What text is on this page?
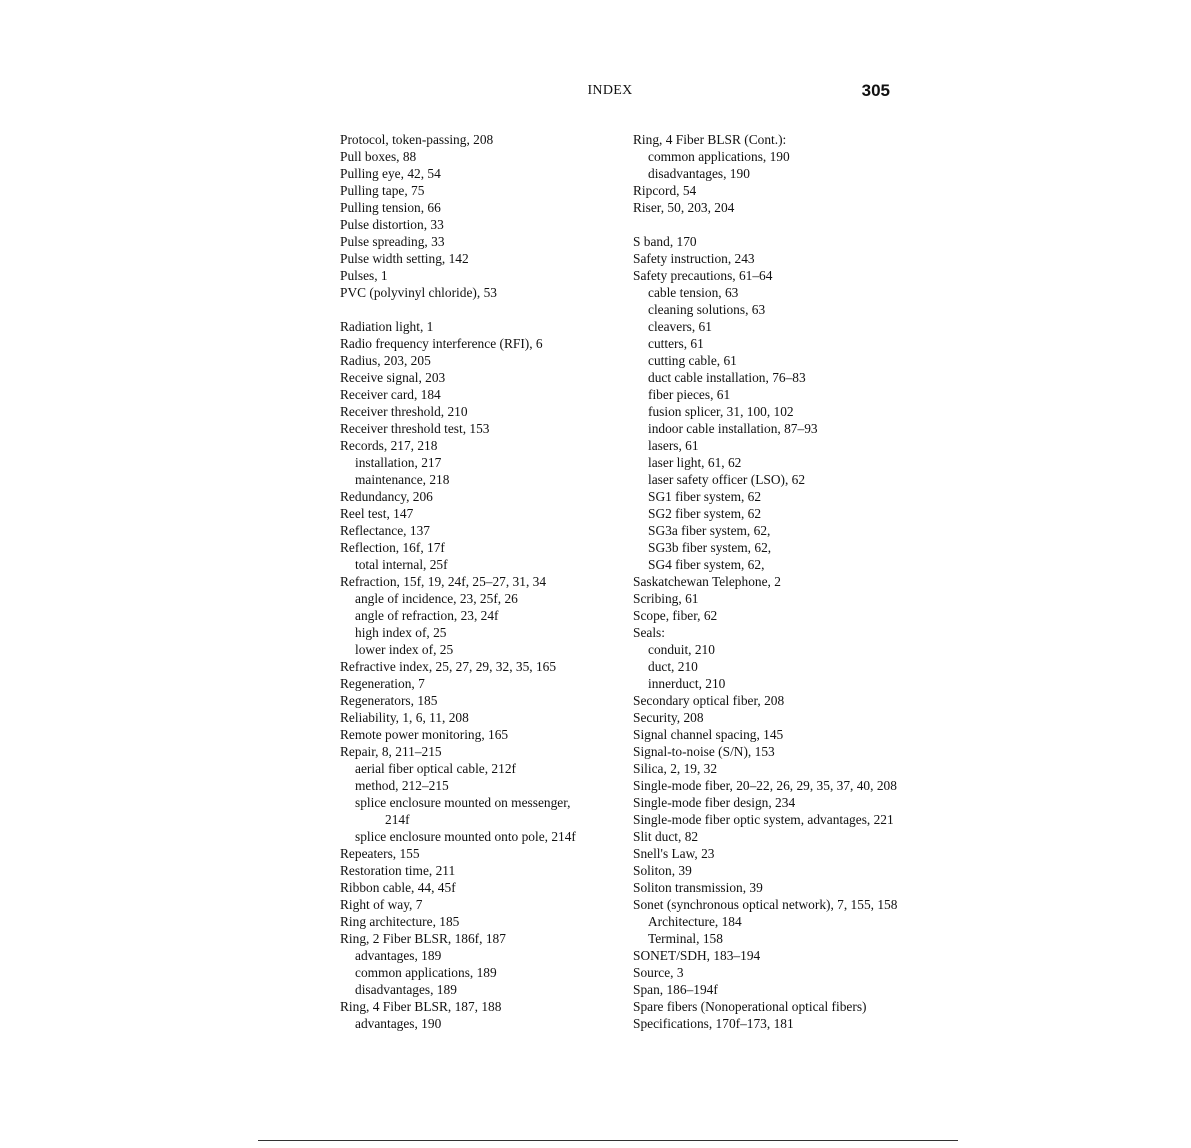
INDEX	305
Protocol, token-passing, 208
Pull boxes, 88
Pulling eye, 42, 54
Pulling tape, 75
Pulling tension, 66
Pulse distortion, 33
Pulse spreading, 33
Pulse width setting, 142
Pulses, 1
PVC (polyvinyl chloride), 53
Radiation light, 1
Radio frequency interference (RFI), 6
Radius, 203, 205
Receive signal, 203
Receiver card, 184
Receiver threshold, 210
Receiver threshold test, 153
Records, 217, 218
installation, 217
maintenance, 218
Redundancy, 206
Reel test, 147
Reflectance, 137
Reflection, 16f, 17f
total internal, 25f
Refraction, 15f, 19, 24f, 25–27, 31, 34
angle of incidence, 23, 25f, 26
angle of refraction, 23, 24f
high index of, 25
lower index of, 25
Refractive index, 25, 27, 29, 32, 35, 165
Regeneration, 7
Regenerators, 185
Reliability, 1, 6, 11, 208
Remote power monitoring, 165
Repair, 8, 211–215
aerial fiber optical cable, 212f
method, 212–215
splice enclosure mounted on messenger,
214f
splice enclosure mounted onto pole, 214f
Repeaters, 155
Restoration time, 211
Ribbon cable, 44, 45f
Right of way, 7
Ring architecture, 185
Ring, 2 Fiber BLSR, 186f, 187
advantages, 189
common applications, 189
disadvantages, 189
Ring, 4 Fiber BLSR, 187, 188
advantages, 190
Ring, 4 Fiber BLSR (Cont.):
common applications, 190
disadvantages, 190
Ripcord, 54
Riser, 50, 203, 204
S band, 170
Safety instruction, 243
Safety precautions, 61–64
cable tension, 63
cleaning solutions, 63
cleavers, 61
cutters, 61
cutting cable, 61
duct cable installation, 76–83
fiber pieces, 61
fusion splicer, 31, 100, 102
indoor cable installation, 87–93
lasers, 61
laser light, 61, 62
laser safety officer (LSO), 62
SG1 fiber system, 62
SG2 fiber system, 62
SG3a fiber system, 62,
SG3b fiber system, 62,
SG4 fiber system, 62,
Saskatchewan Telephone, 2
Scribing, 61
Scope, fiber, 62
Seals:
conduit, 210
duct, 210
innerduct, 210
Secondary optical fiber, 208
Security, 208
Signal channel spacing, 145
Signal-to-noise (S/N), 153
Silica, 2, 19, 32
Single-mode fiber, 20–22, 26, 29, 35, 37, 40, 208
Single-mode fiber design, 234
Single-mode fiber optic system, advantages, 221
Slit duct, 82
Snell's Law, 23
Soliton, 39
Soliton transmission, 39
Sonet (synchronous optical network), 7, 155, 158
Architecture, 184
Terminal, 158
SONET/SDH, 183–194
Source, 3
Span, 186–194f
Spare fibers (Nonoperational optical fibers)
Specifications, 170f–173, 181
